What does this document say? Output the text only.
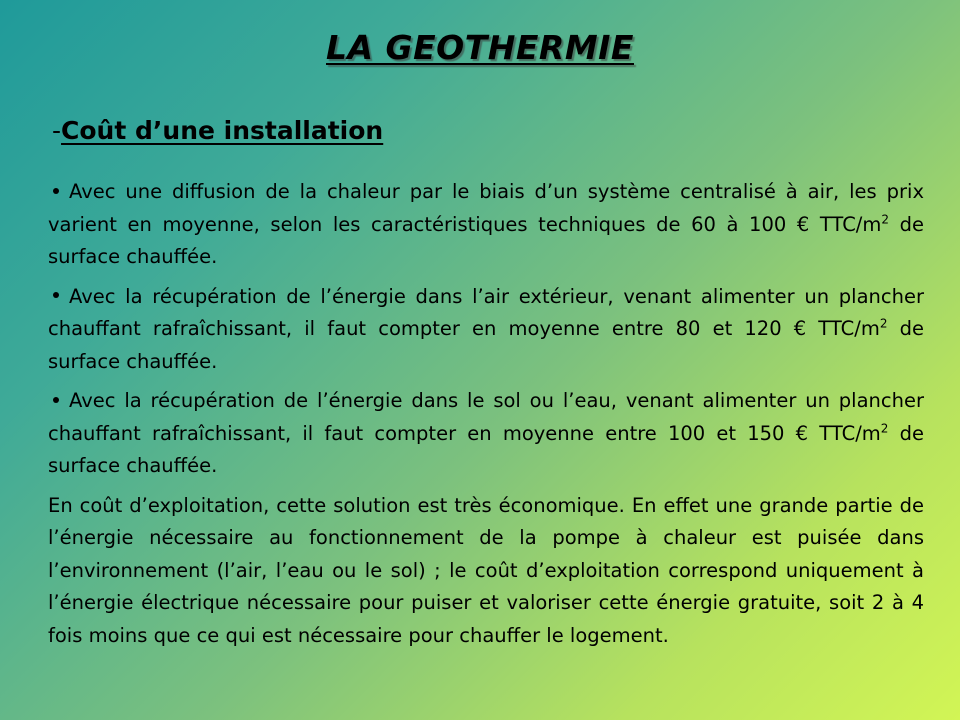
LA GEOTHERMIE
-Coût d’une installation

Avec une diffusion de la chaleur par le biais d’un système centralisé à air, les prix varient en moyenne, selon les caractéristiques techniques de 60 à 100 € TTC/$m^2$ de surface chauffée.

Avec la récupération de l’énergie dans l’air extérieur, venant alimenter un plancher chauffant rafraîchissant, il faut compter en moyenne entre 80 et 120 € TTC/$m^2$ de surface chauffée.

Avec la récupération de l’énergie dans le sol ou l’eau, venant alimenter un plancher chauffant rafraîchissant, il faut compter en moyenne entre 100 et 150 € TTC/$m^2$ de surface chauffée.

En coût d’exploitation, cette solution est très économique. En effet une grande partie de l’énergie nécessaire au fonctionnement de la pompe à chaleur est puisée dans l’environnement (l’air, l’eau ou le sol) ; le coût d’exploitation correspond uniquement à l’énergie électrique nécessaire pour puiser et valoriser cette énergie gratuite, soit 2 à 4 fois moins que ce qui est nécessaire pour chauffer le logement.
